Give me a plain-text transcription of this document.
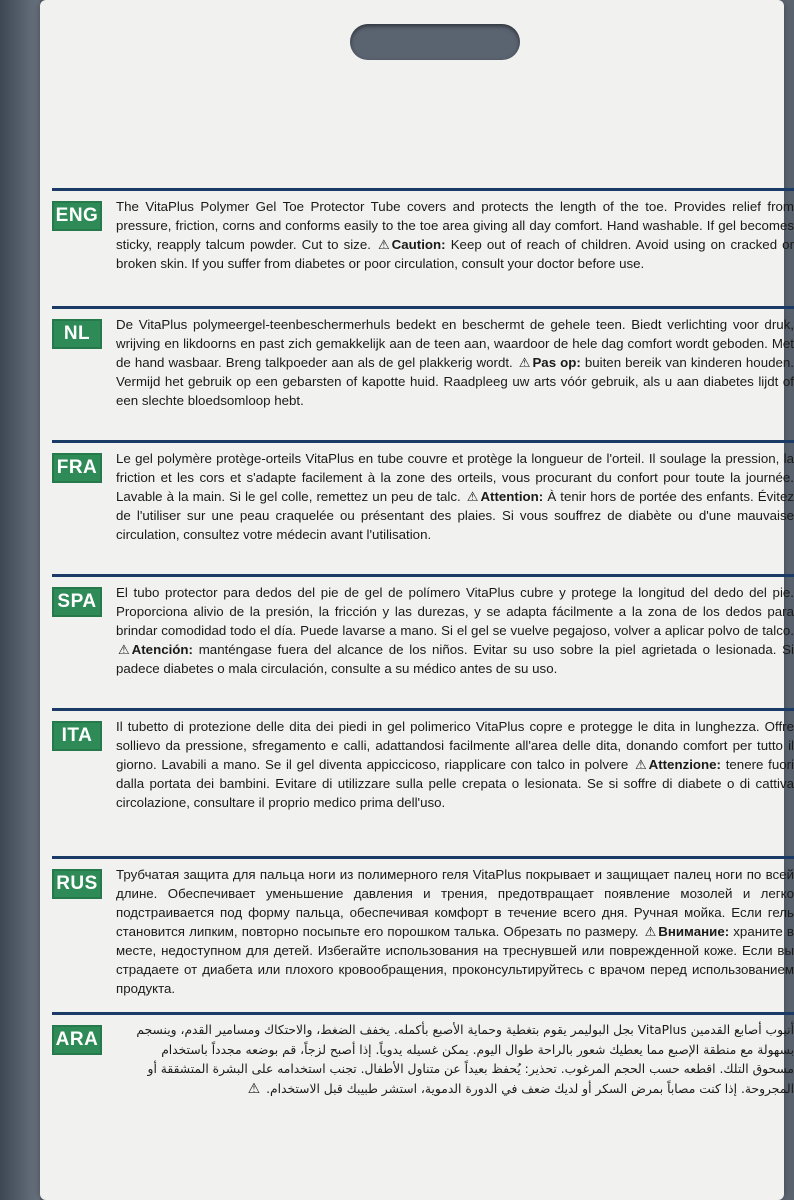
ENG The VitaPlus Polymer Gel Toe Protector Tube covers and protects the length of the toe. Provides relief from pressure, friction, corns and conforms easily to the toe area giving all day comfort. Hand washable. If gel becomes sticky, reapply talcum powder. Cut to size. ⚠ Caution: Keep out of reach of children. Avoid using on cracked or broken skin. If you suffer from diabetes or poor circulation, consult your doctor before use.
NL	De VitaPlus polymeergel-teenbeschermerhuls bedekt en beschermt de gehele teen. Biedt verlichting voor druk, wrijving en likdoorns en past zich gemakkelijk aan de teen aan, waardoor de hele dag comfort wordt geboden. Met de hand wasbaar. Breng talkpoeder aan als de gel plakkerig wordt. ⚠ Pas op: buiten bereik van kinderen houden. Vermijd het gebruik op een gebarsten of kapotte huid. Raadpleeg uw arts vóór gebruik, als u aan diabetes lijdt of een slechte bloedsomloop hebt.
FRA	Le gel polymère protège-orteils VitaPlus en tube couvre et protège la longueur de l'orteil. Il soulage la pression, la friction et les cors et s'adapte facilement à la zone des orteils, vous procurant du confort pour toute la journée. Lavable à la main. Si le gel colle, remettez un peu de talc. ⚠ Attention: À tenir hors de portée des enfants. Évitez de l'utiliser sur une peau craquelée ou présentant des plaies. Si vous souffrez de diabète ou d'une mauvaise circulation, consultez votre médecin avant l'utilisation.
SPA	El tubo protector para dedos del pie de gel de polímero VitaPlus cubre y protege la longitud del dedo del pie. Proporciona alivio de la presión, la fricción y las durezas, y se adapta fácilmente a la zona de los dedos para brindar comodidad todo el día. Puede lavarse a mano. Si el gel se vuelve pegajoso, volver a aplicar polvo de talco. ⚠ Atención: manténgase fuera del alcance de los niños. Evitar su uso sobre la piel agrietada o lesionada. Si padece diabetes o mala circulación, consulte a su médico antes de su uso.
ITA	Il tubetto di protezione delle dita dei piedi in gel polimerico VitaPlus copre e protegge le dita in lunghezza. Offre sollievo da pressione, sfregamento e calli, adattandosi facilmente all'area delle dita, donando comfort per tutto il giorno. Lavabili a mano. Se il gel diventa appiccicoso, riapplicare con talco in polvere ⚠ Attenzione: tenere fuori dalla portata dei bambini. Evitare di utilizzare sulla pelle crepata o lesionata. Se si soffre di diabete o di cattiva circolazione, consultare il proprio medico prima dell'uso.
RUS	Трубчатая защита для пальца ноги из полимерного геля VitaPlus покрывает и защищает палец ноги по всей длине. Обеспечивает уменьшение давления и трения, предотвращает появление мозолей и легко подстраивается под форму пальца, обеспечивая комфорт в течение всего дня. Ручная мойка. Если гель становится липким, повторно посыпьте его порошком талька. Обрезать по размеру. ⚠ Внимание: храните в месте, недоступном для детей. Избегайте использования на треснувшей или поврежденной коже. Если вы страдаете от диабета или плохого кровообращения, проконсультируйтесь с врачом перед использованием продукта.
ARA	أنبوب أصابع القدمين VitaPlus بجل البوليمر يقوم بتغطية وحماية الأصبع بأكمله. يخفف الضغط، والاحتكاك ومسامير القدم، وينسجم بسهولة مع منطقة الإصبع مما يعطيك شعور بالراحة طوال اليوم. يمكن غسيله يدوياً. إذا أصبح لزجاً، قم بوضعه مجدداً باستخدام مسحوق التلك. اقطعه حسب الحجم المرغوب. تحذير: يُحفظ بعيداً عن متناول الأطفال. تجنب استخدامه على البشرة المتشققة أو المجروحة. إذا كنت مصاباً بمرض السكر أو لديك ضعف في الدورة الدموية، استشر طبيبك قبل الاستخدام. ⚠
